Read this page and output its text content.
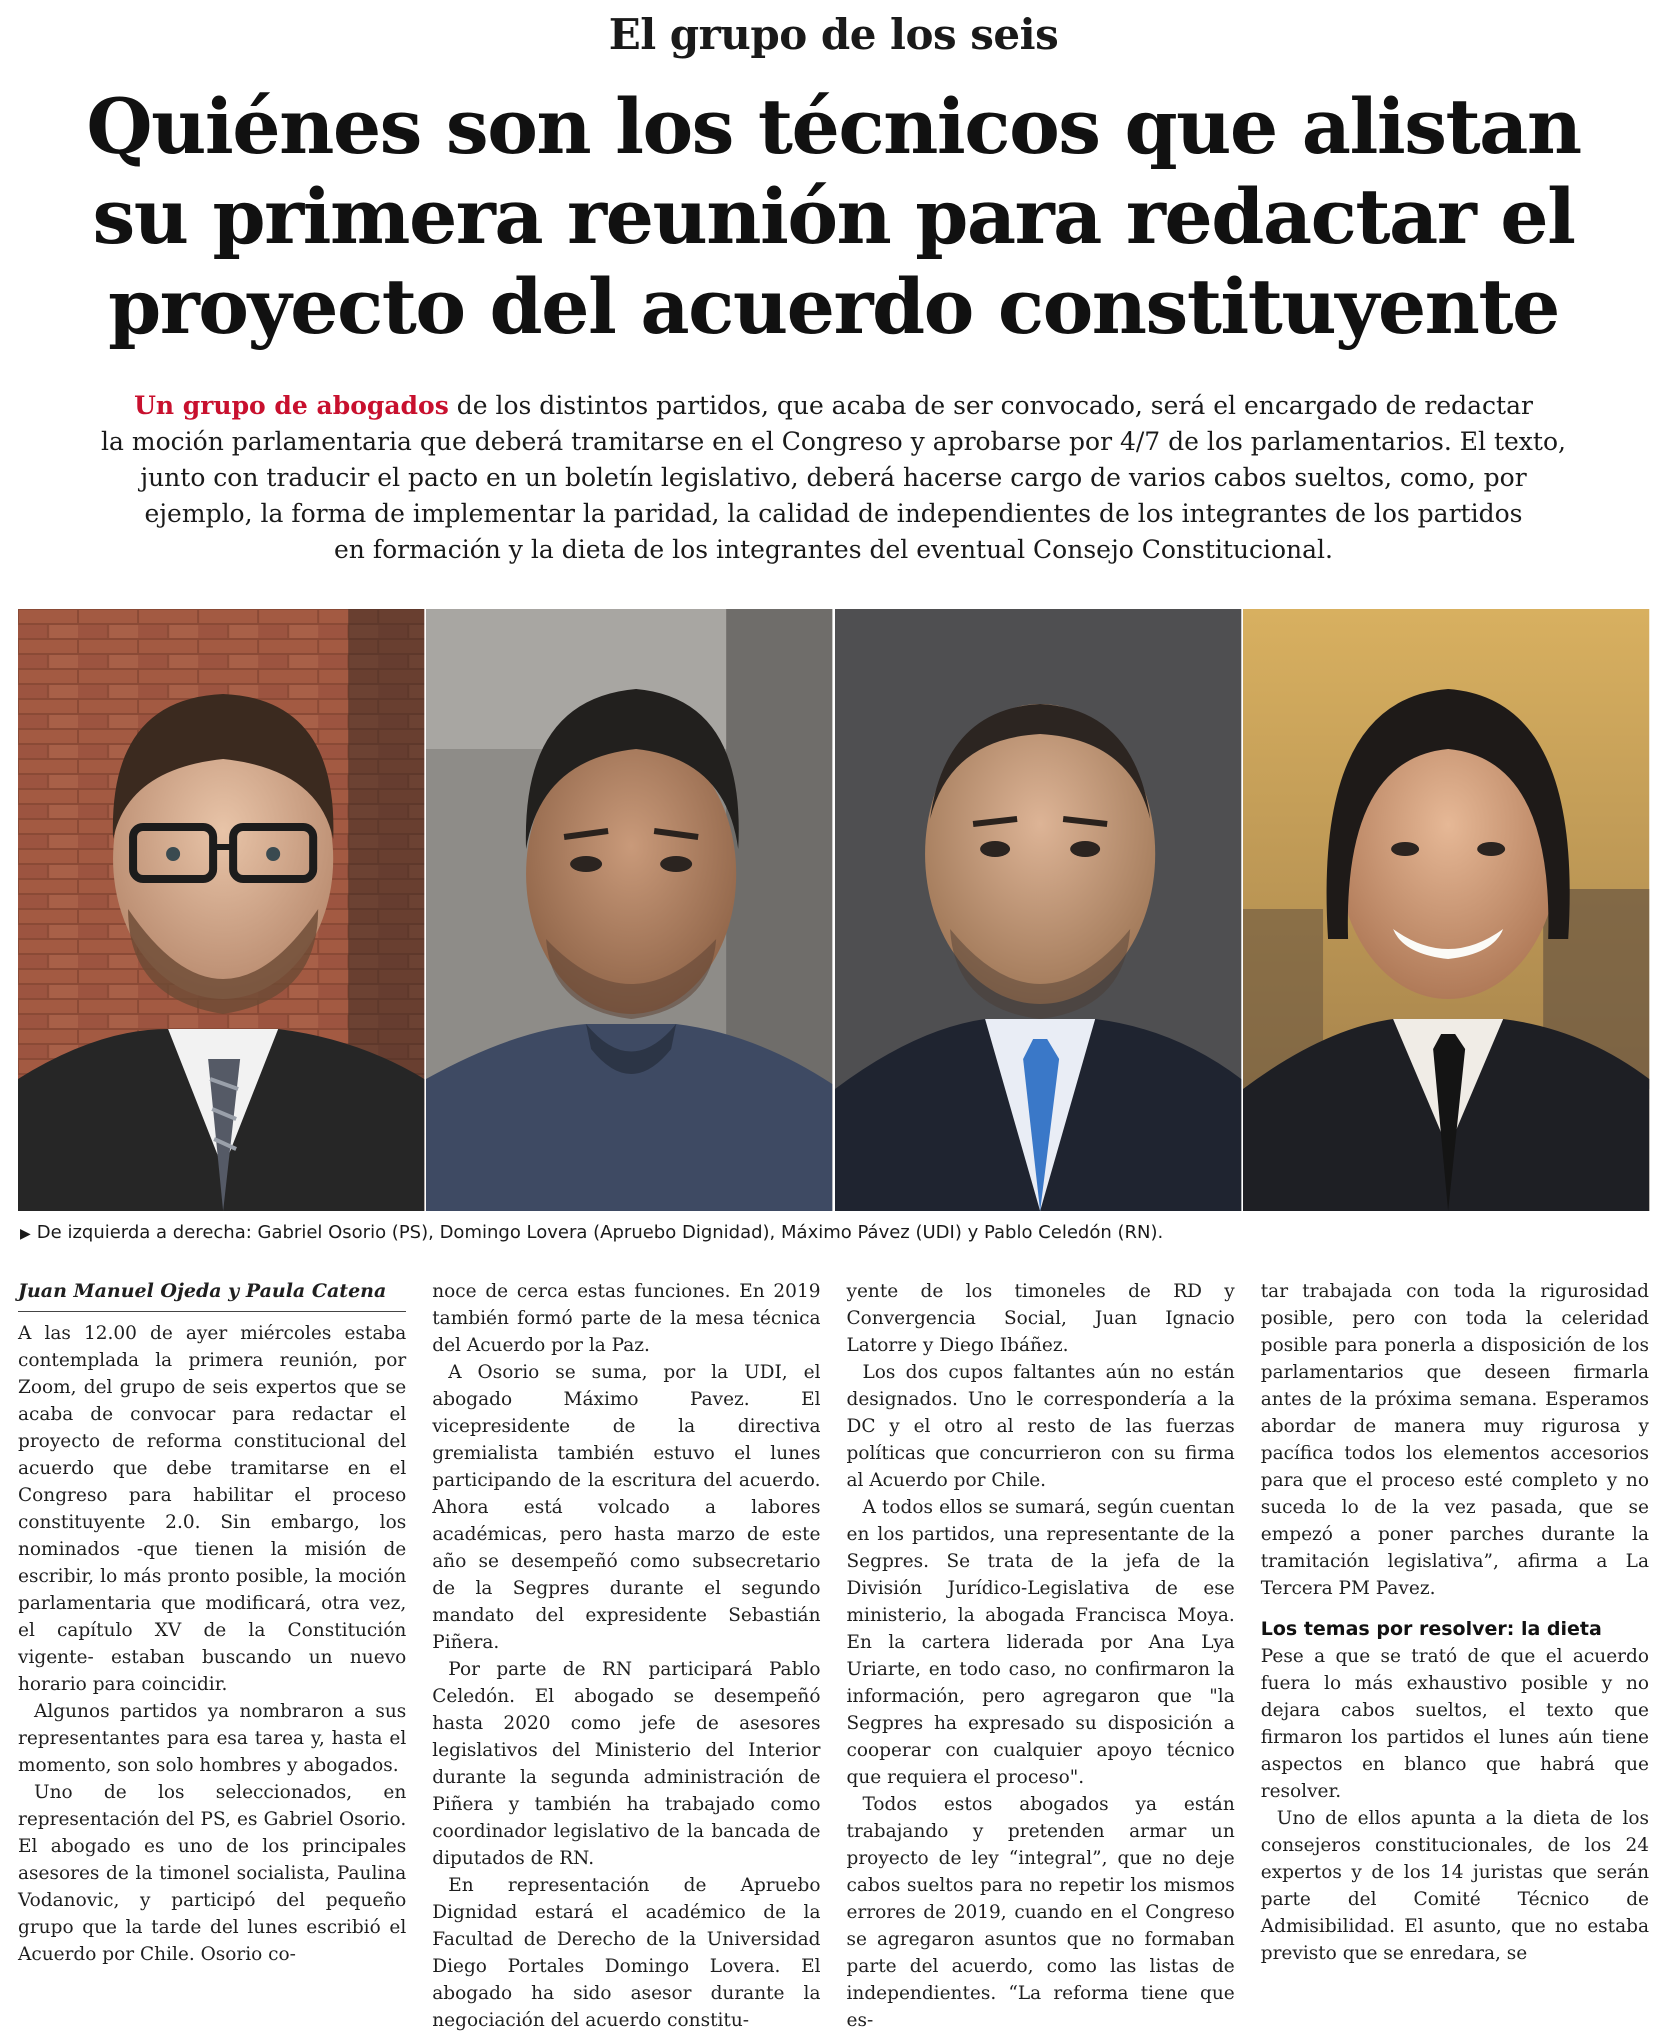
El grupo de los seis
Quiénes son los técnicos que alistan
su primera reunión para redactar el
proyecto del acuerdo constituyente
Un grupo de abogados de los distintos partidos, que acaba de ser convocado, será el encargado de redactar
la moción parlamentaria que deberá tramitarse en el Congreso y aprobarse por 4/7 de los parlamentarios. El texto,
junto con traducir el pacto en un boletín legislativo, deberá hacerse cargo de varios cabos sueltos, como, por
ejemplo, la forma de implementar la paridad, la calidad de independientes de los integrantes de los partidos
en formación y la dieta de los integrantes del eventual Consejo Constitucional.
▶ De izquierda a derecha: Gabriel Osorio (PS), Domingo Lovera (Apruebo Dignidad), Máximo Pávez (UDI) y Pablo Celedón (RN).
Juan Manuel Ojeda y Paula Catena

A las 12.00 de ayer miércoles estaba contemplada la primera reunión, por Zoom, del grupo de seis expertos que se acaba de convocar para redactar el proyecto de reforma constitucional del acuerdo que debe tramitarse en el Congreso para habilitar el proceso constituyente 2.0. Sin embargo, los nominados -que tienen la misión de escribir, lo más pronto posible, la moción parlamentaria que modificará, otra vez, el capítulo XV de la Constitución vigente- estaban buscando un nuevo horario para coincidir.

Algunos partidos ya nombraron a sus representantes para esa tarea y, hasta el momento, son solo hombres y abogados.

Uno de los seleccionados, en representación del PS, es Gabriel Osorio. El abogado es uno de los principales asesores de la timonel socialista, Paulina Vodanovic, y participó del pequeño grupo que la tarde del lunes escribió el Acuerdo por Chile. Osorio co-

noce de cerca estas funciones. En 2019 también formó parte de la mesa técnica del Acuerdo por la Paz.

A Osorio se suma, por la UDI, el abogado Máximo Pavez. El vicepresidente de la directiva gremialista también estuvo el lunes participando de la escritura del acuerdo. Ahora está volcado a labores académicas, pero hasta marzo de este año se desempeñó como subsecretario de la Segpres durante el segundo mandato del expresidente Sebastián Piñera.

Por parte de RN participará Pablo Celedón. El abogado se desempeñó hasta 2020 como jefe de asesores legislativos del Ministerio del Interior durante la segunda administración de Piñera y también ha trabajado como coordinador legislativo de la bancada de diputados de RN.

En representación de Apruebo Dignidad estará el académico de la Facultad de Derecho de la Universidad Diego Portales Domingo Lovera. El abogado ha sido asesor durante la negociación del acuerdo constitu-

yente de los timoneles de RD y Convergencia Social, Juan Ignacio Latorre y Diego Ibáñez.

Los dos cupos faltantes aún no están designados. Uno le correspondería a la DC y el otro al resto de las fuerzas políticas que concurrieron con su firma al Acuerdo por Chile.

A todos ellos se sumará, según cuentan en los partidos, una representante de la Segpres. Se trata de la jefa de la División Jurídico-Legislativa de ese ministerio, la abogada Francisca Moya. En la cartera liderada por Ana Lya Uriarte, en todo caso, no confirmaron la información, pero agregaron que "la Segpres ha expresado su disposición a cooperar con cualquier apoyo técnico que requiera el proceso".

Todos estos abogados ya están trabajando y pretenden armar un proyecto de ley “integral”, que no deje cabos sueltos para no repetir los mismos errores de 2019, cuando en el Congreso se agregaron asuntos que no formaban parte del acuerdo, como las listas de independientes. “La reforma tiene que es-

tar trabajada con toda la rigurosidad posible, pero con toda la celeridad posible para ponerla a disposición de los parlamentarios que deseen firmarla antes de la próxima semana. Esperamos abordar de manera muy rigurosa y pacífica todos los elementos accesorios para que el proceso esté completo y no suceda lo de la vez pasada, que se empezó a poner parches durante la tramitación legislativa”, afirma a La Tercera PM Pavez.

Los temas por resolver: la dieta

Pese a que se trató de que el acuerdo fuera lo más exhaustivo posible y no dejara cabos sueltos, el texto que firmaron los partidos el lunes aún tiene aspectos en blanco que habrá que resolver.

Uno de ellos apunta a la dieta de los consejeros constitucionales, de los 24 expertos y de los 14 juristas que serán parte del Comité Técnico de Admisibilidad. El asunto, que no estaba previsto que se enredara, se
